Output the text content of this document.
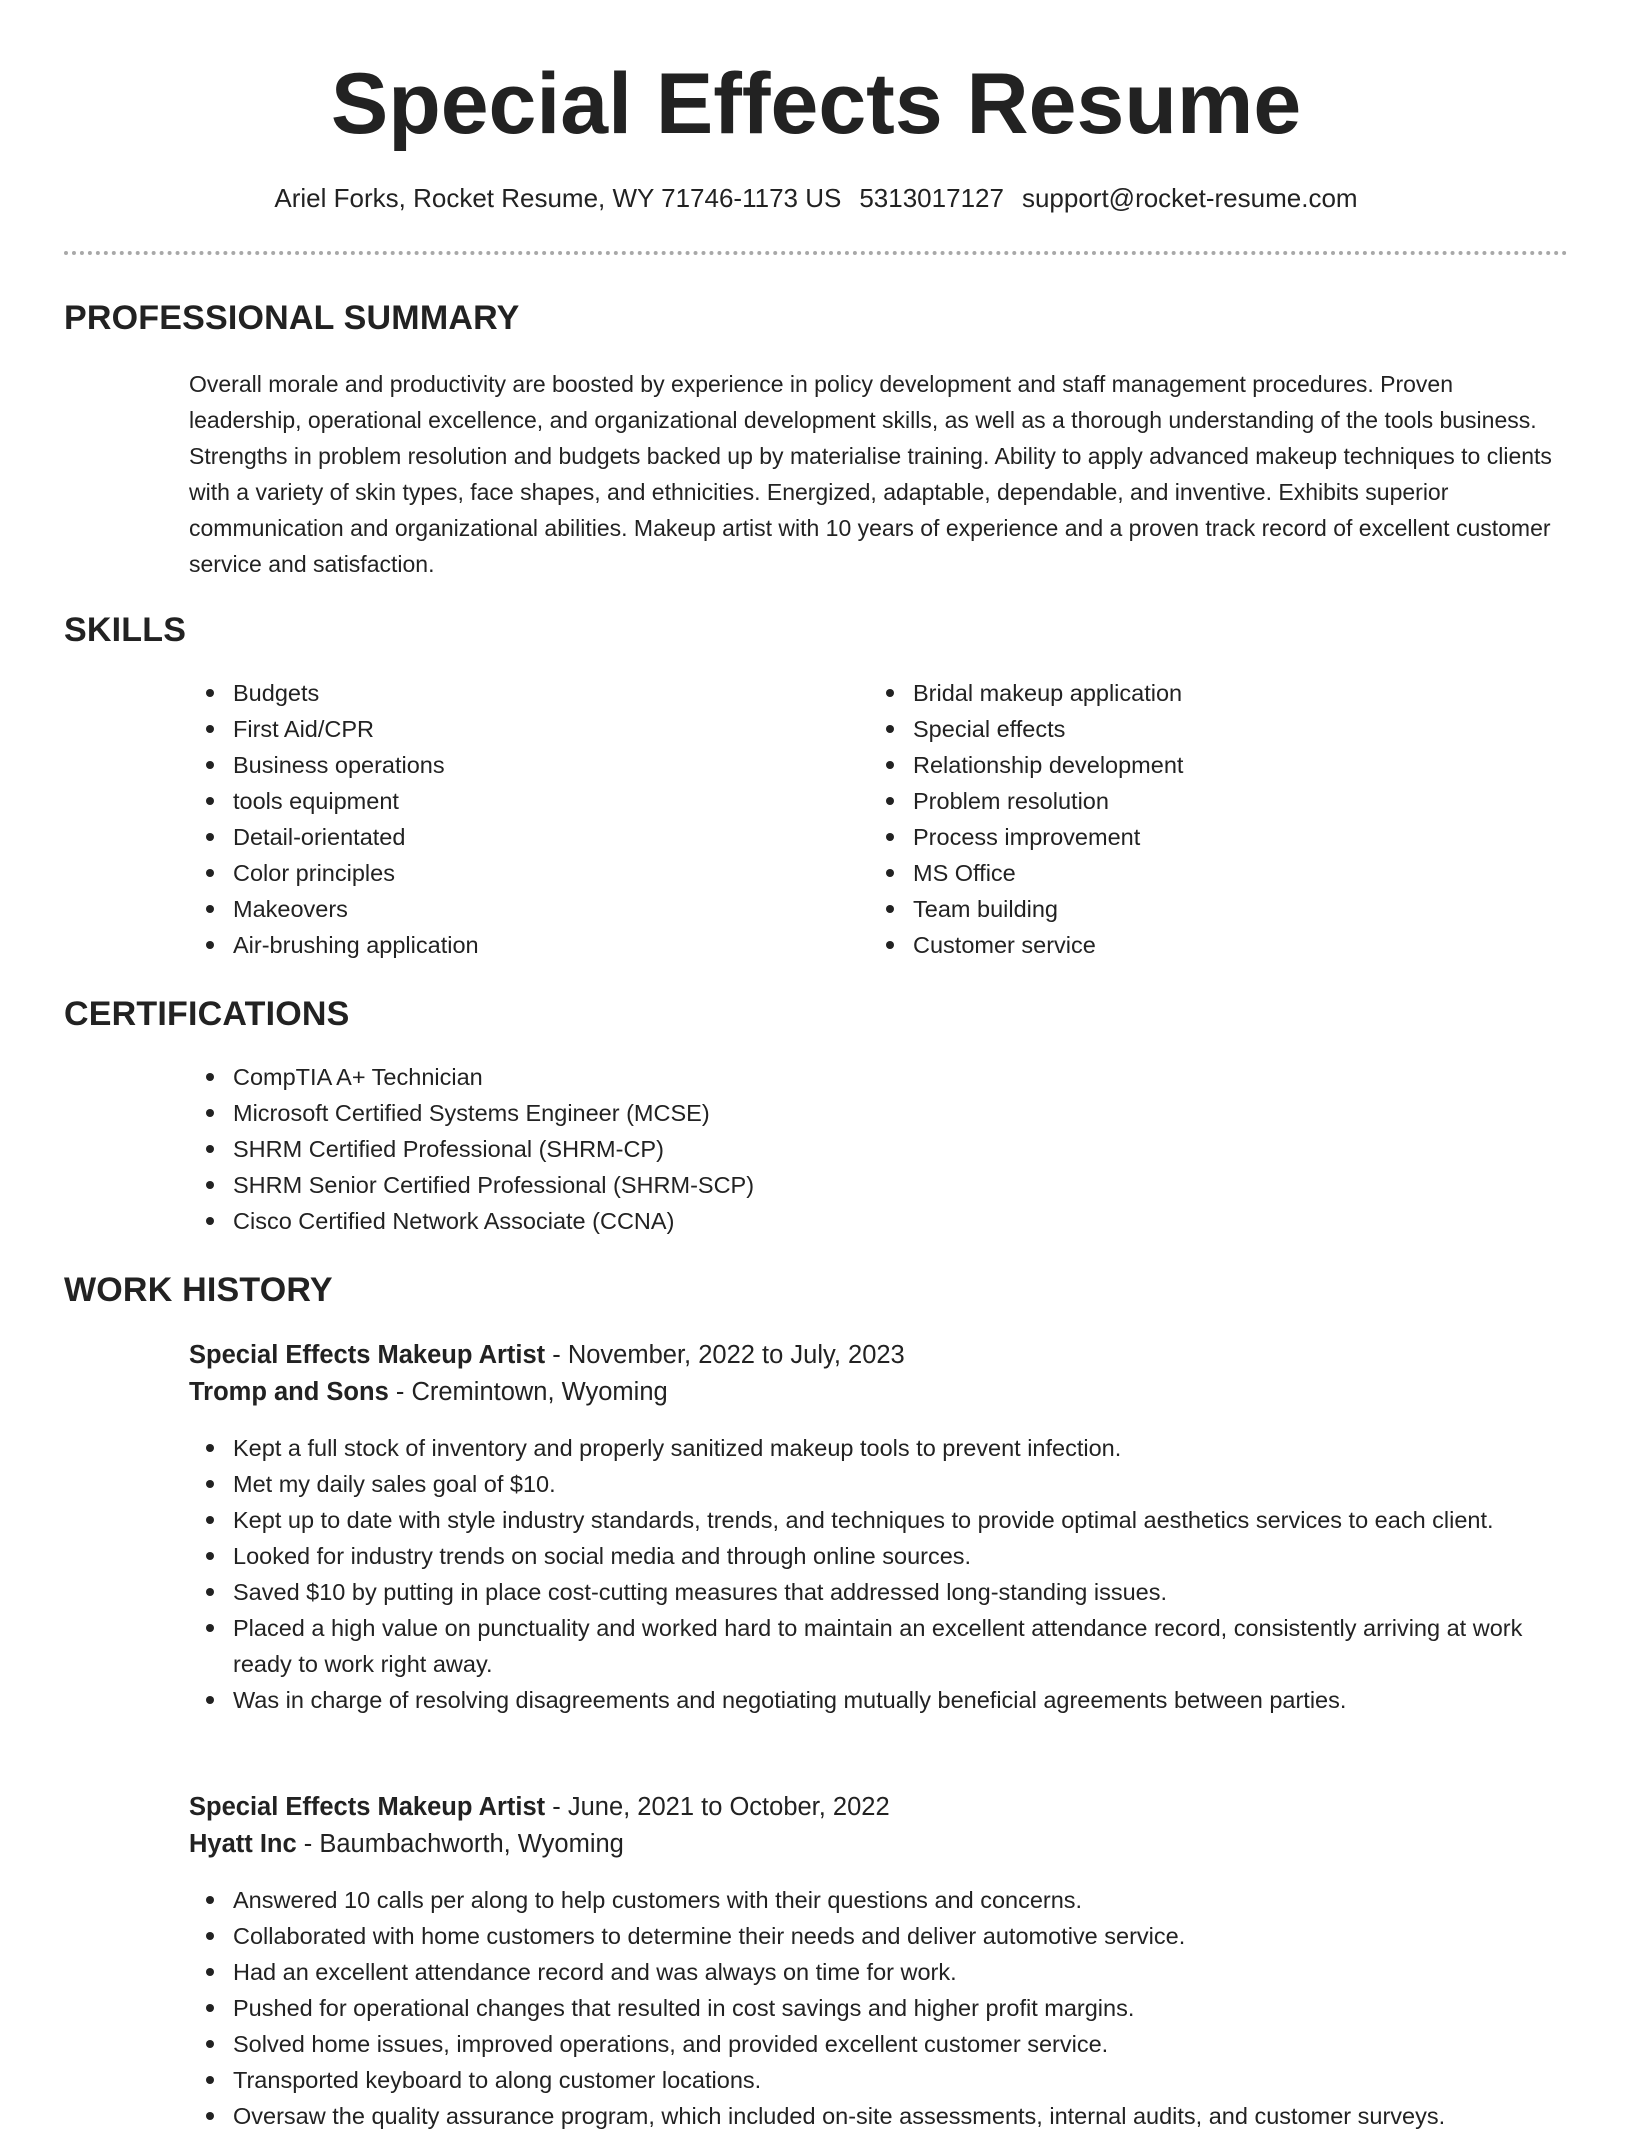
Special Effects Resume
Ariel Forks, Rocket Resume, WY 71746-1173 US 5313017127 support@rocket-resume.com
PROFESSIONAL SUMMARY

Overall morale and productivity are boosted by experience in policy development and staff management procedures. Proven leadership, operational excellence, and organizational development skills, as well as a thorough understanding of the tools business. Strengths in problem resolution and budgets backed up by materialise training. Ability to apply advanced makeup techniques to clients with a variety of skin types, face shapes, and ethnicities. Energized, adaptable, dependable, and inventive. Exhibits superior communication and organizational abilities. Makeup artist with 10 years of experience and a proven track record of excellent customer service and satisfaction.

SKILLS
Budgets
First Aid/CPR
Business operations
tools equipment
Detail-orientated
Color principles
Makeovers
Air-brushing application
Bridal makeup application
Special effects
Relationship development
Problem resolution
Process improvement
MS Office
Team building
Customer service
CERTIFICATIONS
CompTIA A+ Technician
Microsoft Certified Systems Engineer (MCSE)
SHRM Certified Professional (SHRM-CP)
SHRM Senior Certified Professional (SHRM-SCP)
Cisco Certified Network Associate (CCNA)
WORK HISTORY
Special Effects Makeup Artist - November, 2022 to July, 2023
Tromp and Sons - Cremintown, Wyoming
Kept a full stock of inventory and properly sanitized makeup tools to prevent infection.
Met my daily sales goal of $10.
Kept up to date with style industry standards, trends, and techniques to provide optimal aesthetics services to each client.
Looked for industry trends on social media and through online sources.
Saved $10 by putting in place cost-cutting measures that addressed long-standing issues.
Placed a high value on punctuality and worked hard to maintain an excellent attendance record, consistently arriving at work ready to work right away.
Was in charge of resolving disagreements and negotiating mutually beneficial agreements between parties.
Special Effects Makeup Artist - June, 2021 to October, 2022
Hyatt Inc - Baumbachworth, Wyoming
Answered 10 calls per along to help customers with their questions and concerns.
Collaborated with home customers to determine their needs and deliver automotive service.
Had an excellent attendance record and was always on time for work.
Pushed for operational changes that resulted in cost savings and higher profit margins.
Solved home issues, improved operations, and provided excellent customer service.
Transported keyboard to along customer locations.
Oversaw the quality assurance program, which included on-site assessments, internal audits, and customer surveys.
